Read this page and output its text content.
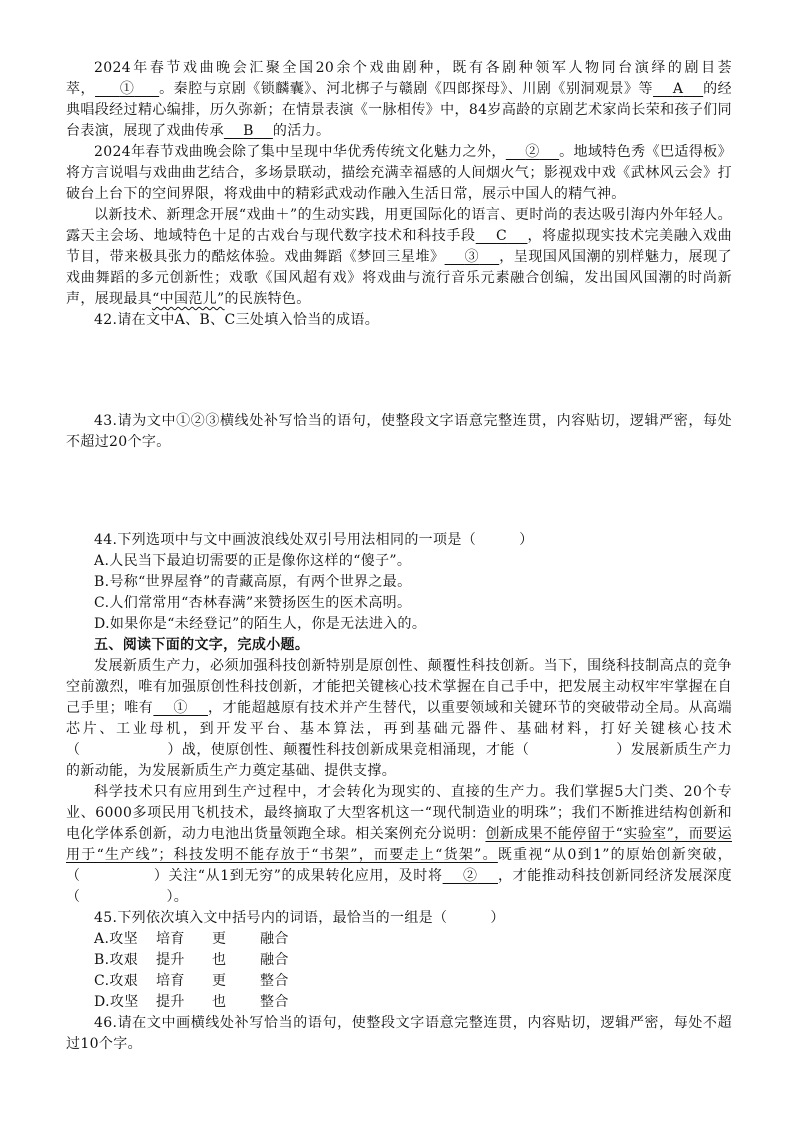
2024年春节戏曲晚会汇聚全国20余个戏曲剧种，既有各剧种领军人物同台演绎的剧目荟萃， ① 。秦腔与京剧《锁麟囊》、河北梆子与赣剧《四郎探母》、川剧《别洞观景》等 A 的经典唱段经过精心编排，历久弥新；在情景表演《一脉相传》中，84岁高龄的京剧艺术家尚长荣和孩子们同台表演，展现了戏曲传承 B 的活力。

2024年春节戏曲晚会除了集中呈现中华优秀传统文化魅力之外， ② 。地域特色秀《巴适得板》将方言说唱与戏曲曲艺结合，多场景联动，描绘充满幸福感的人间烟火气；影视戏中戏《武林风云会》打破台上台下的空间界限，将戏曲中的精彩武戏动作融入生活日常，展示中国人的精气神。

以新技术、新理念开展“戏曲＋”的生动实践，用更国际化的语言、更时尚的表达吸引海内外年轻人。露天主会场、地域特色十足的古戏台与现代数字技术和科技手段 C ，将虚拟现实技术完美融入戏曲节目，带来极具张力的酷炫体验。戏曲舞蹈《梦回三星堆》 ③ ，呈现国风国潮的别样魅力，展现了戏曲舞蹈的多元创新性；戏歌《国风超有戏》将戏曲与流行音乐元素融合创编，发出国风国潮的时尚新声，展现最具“中国范儿”的民族特色。

42.请在文中A、B、C三处填入恰当的成语。

43.请为文中①②③横线处补写恰当的语句，使整段文字语意完整连贯，内容贴切，逻辑严密，每处不超过20个字。

44.下列选项中与文中画波浪线处双引号用法相同的一项是（　　　）

A.人民当下最迫切需要的正是像你这样的“傻子”。

B.号称“世界屋脊”的青藏高原，有两个世界之最。

C.人们常常用“杏林春满”来赞扬医生的医术高明。

D.如果你是“未经登记”的陌生人，你是无法进入的。

五、阅读下面的文字，完成小题。

发展新质生产力，必须加强科技创新特别是原创性、颠覆性科技创新。当下，围绕科技制高点的竞争空前激烈，唯有加强原创性科技创新，才能把关键核心技术掌握在自己手中，把发展主动权牢牢掌握在自己手里；唯有 ① ，才能超越原有技术并产生替代，以重要领域和关键环节的突破带动全局。从高端芯片、工业母机，到开发平台、基本算法，再到基础元器件、基础材料，打好关键核心技术（　　　　　　）战，使原创性、颠覆性科技创新成果竞相涌现，才能（　　　　　　）发展新质生产力的新动能，为发展新质生产力奠定基础、提供支撑。

科学技术只有应用到生产过程中，才会转化为现实的、直接的生产力。我们掌握5大门类、20个专业、6000多项民用飞机技术，最终摘取了大型客机这一“现代制造业的明珠”；我们不断推进结构创新和电化学体系创新，动力电池出货量领跑全球。相关案例充分说明：创新成果不能停留于“实验室”，而要运用于“生产线”；科技发明不能存放于“书架”，而要走上“货架”。既重视“从0到1”的原始创新突破，（　　　　　）关注“从1到无穷”的成果转化应用，及时将 ② ，才能推动科技创新同经济发展深度（　　　　　　）。

45.下列依次填入文中括号内的词语，最恰当的一组是（　　　）

A.攻坚 培育 更 融合

B.攻艰 提升 也 融合

C.攻艰 培育 更 整合

D.攻坚 提升 也 整合

46.请在文中画横线处补写恰当的语句，使整段文字语意完整连贯，内容贴切，逻辑严密，每处不超过10个字。
